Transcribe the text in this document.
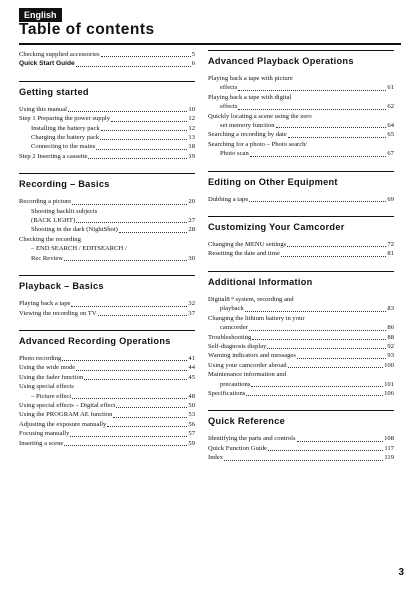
English
Table of contents
Checking supplied accessories	5
Quick Start Guide	6
Getting started
Using this manual	10
Step 1 Preparing the power supply	12
Installing the battery pack	12
Charging the battery pack	13
Connecting to the mains	18
Step 2 Inserting a cassette	19
Recording – Basics
Recording a picture	20
Shooting backlit subjects
(BACK LIGHT)	27
Shooting in the dark (NightShot)	28
Checking the recording
– END SEARCH / EDITSEARCH /
Rec Review	30
Playback – Basics
Playing back a tape	32
Viewing the recording on TV	37
Advanced Recording Operations
Photo recording	41
Using the wide mode	44
Using the fader function	45
Using special effects
– Picture effect	48
Using special effects – Digital effect	50
Using the PROGRAM AE function	53
Adjusting the exposure manually	56
Focusing manually	57
Inserting a scene	59
Advanced Playback Operations
Playing back a tape with picture
effects	61
Playing back a tape with digital
effects	62
Quickly locating a scene using the zero
set memory function	64
Searching a recording by date	65
Searching for a photo – Photo search/
Photo scan	67
Editing on Other Equipment
Dubbing a tape	69
Customizing Your Camcorder
Changing the MENU settings	72
Resetting the date and time	81
Additional Information
Digital8 ᴮ system, recording and
playback	83
Changing the lithium battery in your
camcorder	86
Troubleshooting	88
Self-diagnosis display	92
Warning indicators and messages	93
Using your camcorder abroad	100
Maintenance information and
precautions	101
Specifications	106
Quick Reference
Identifying the parts and controls	108
Quick Function Guide	117
Index	119
3
